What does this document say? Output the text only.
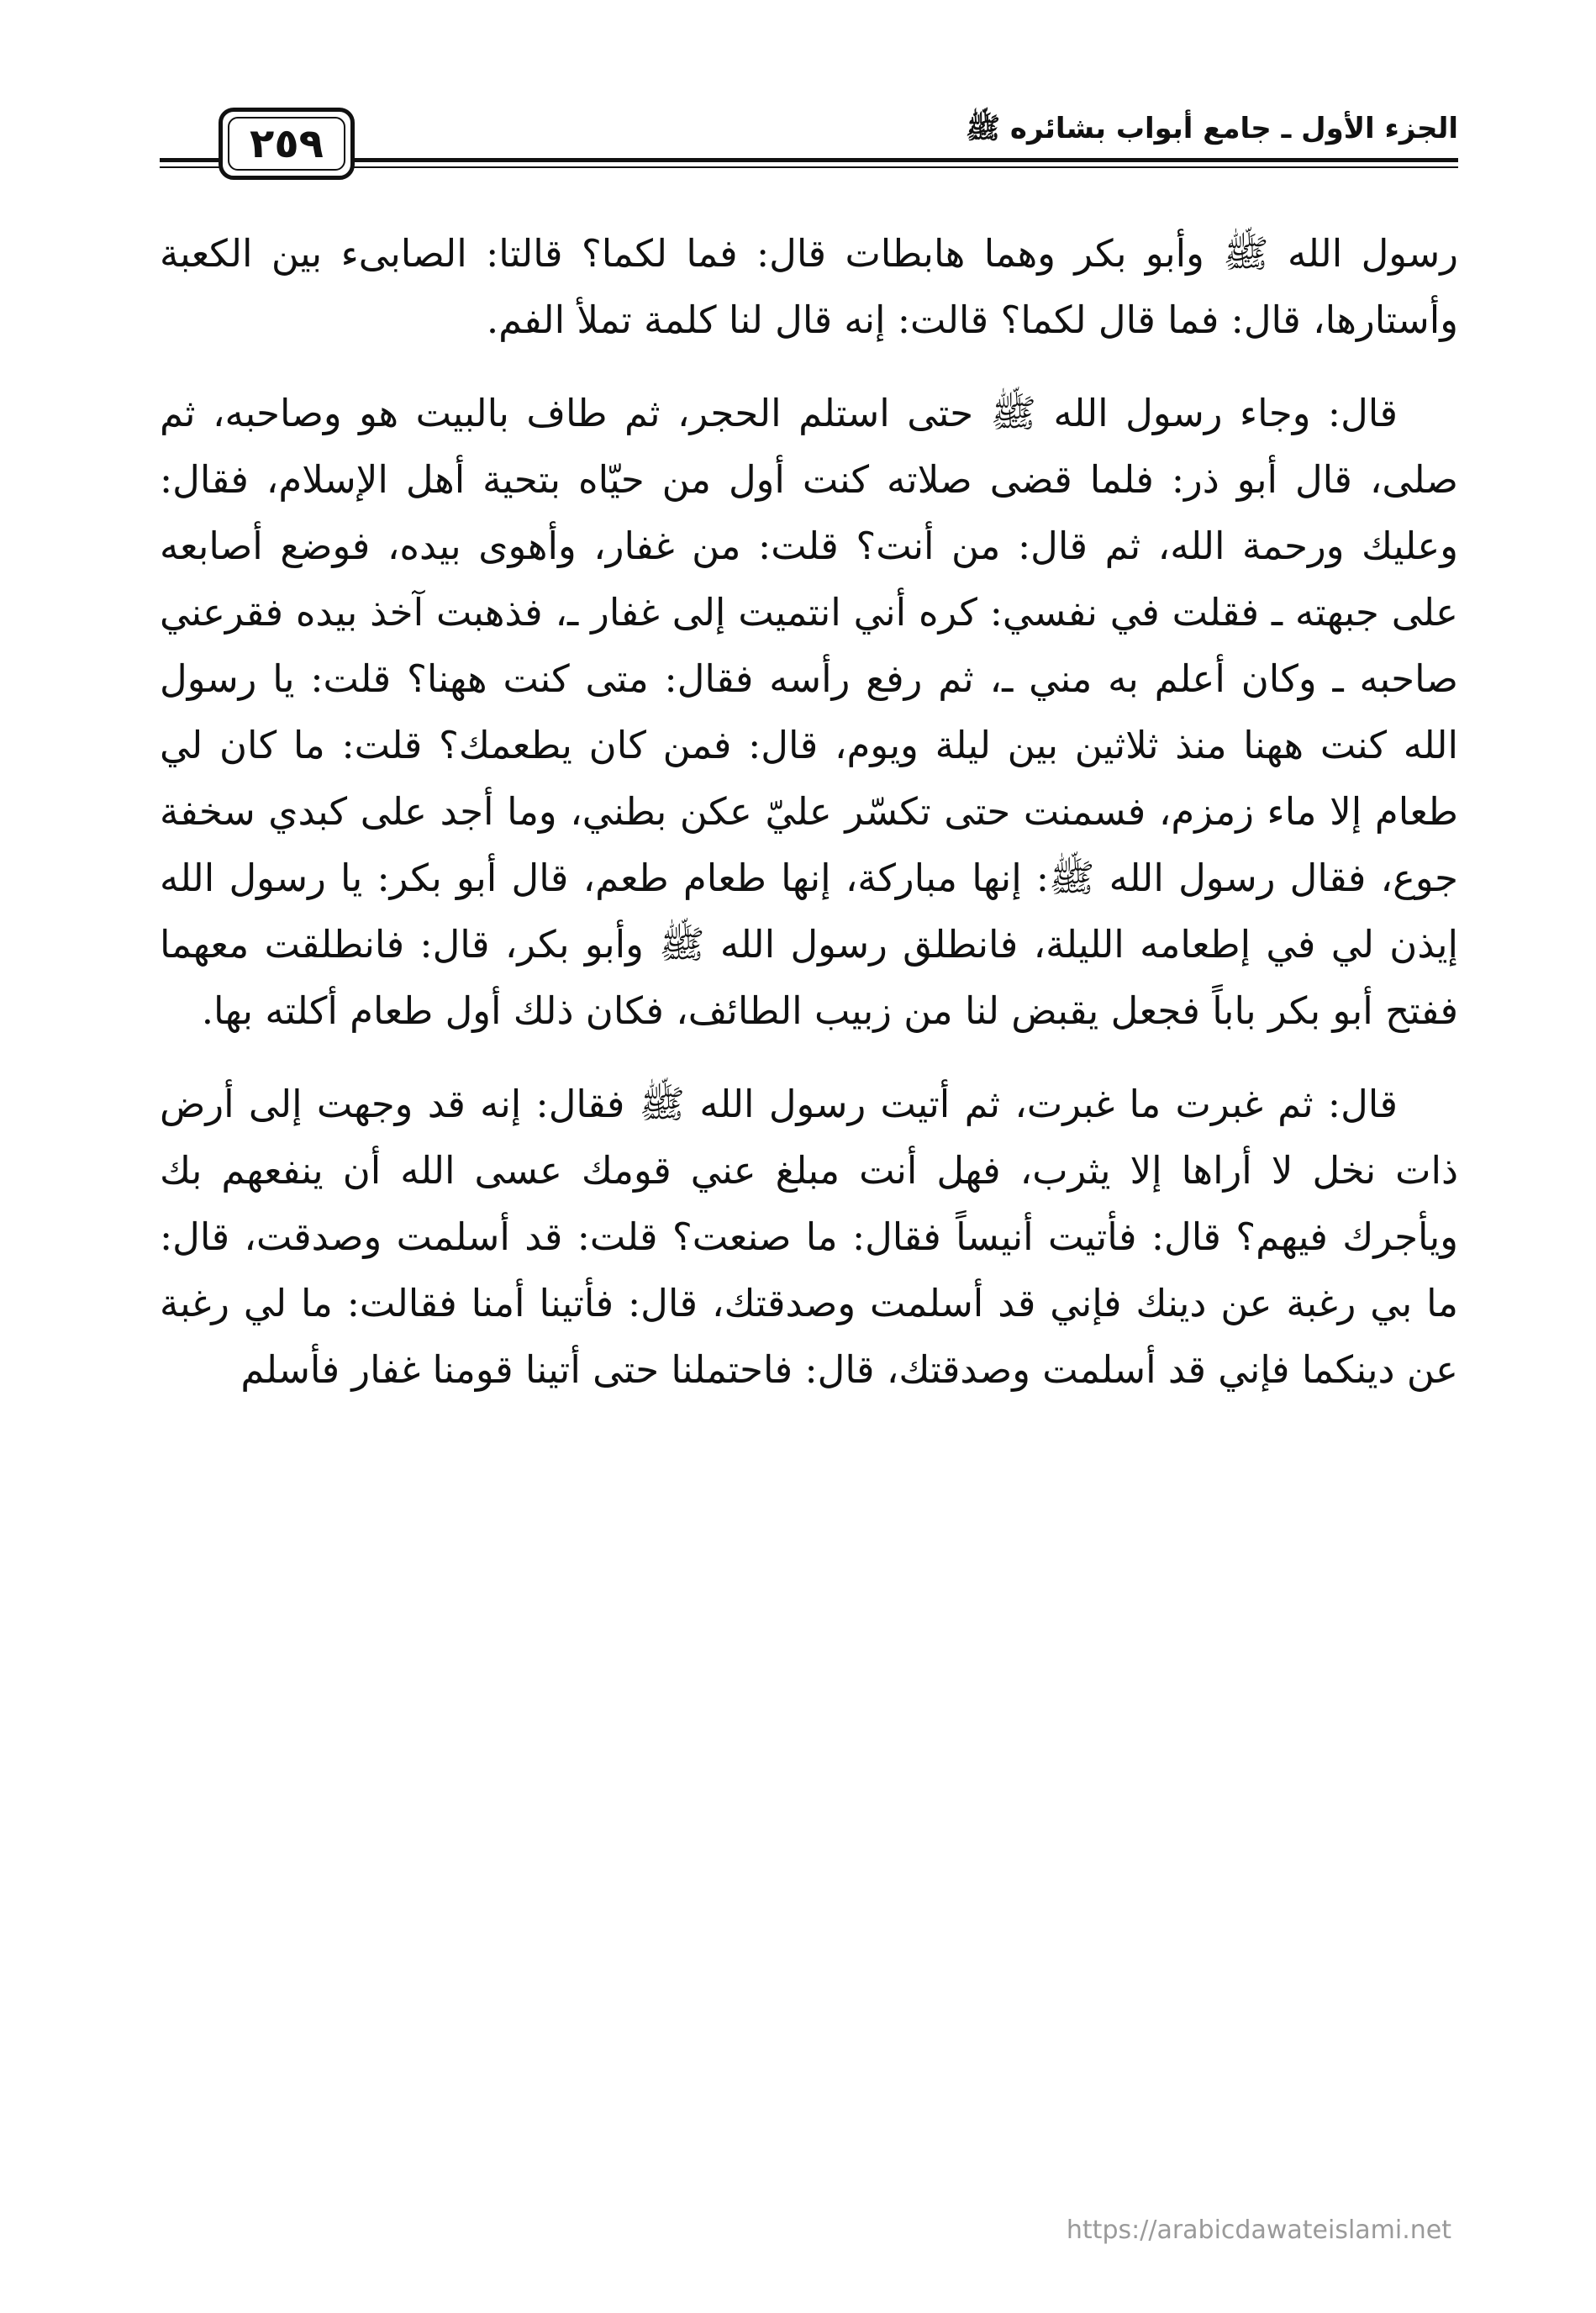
٢٥٩	الجزء الأول ـ جامع أبواب بشائره ﷺ

رسول الله ﷺ وأبو بكر وهما هابطات قال: فما لكما؟ قالتا: الصابىء بين الكعبة وأستارها، قال: فما قال لكما؟ قالت: إنه قال لنا كلمة تملأ الفم.

قال: وجاء رسول الله ﷺ حتى استلم الحجر، ثم طاف بالبيت هو وصاحبه، ثم صلى، قال أبو ذر: فلما قضى صلاته كنت أول من حيّاه بتحية أهل الإسلام، فقال: وعليك ورحمة الله، ثم قال: من أنت؟ قلت: من غفار، وأهوى بيده، فوضع أصابعه على جبهته ـ فقلت في نفسي: كره أني انتميت إلى غفار ـ، فذهبت آخذ بيده فقرعني صاحبه ـ وكان أعلم به مني ـ، ثم رفع رأسه فقال: متى كنت ههنا؟ قلت: يا رسول الله كنت ههنا منذ ثلاثين بين ليلة ويوم، قال: فمن كان يطعمك؟ قلت: ما كان لي طعام إلا ماء زمزم، فسمنت حتى تكسّر عليّ عكن بطني، وما أجد على كبدي سخفة جوع، فقال رسول الله ﷺ: إنها مباركة، إنها طعام طعم، قال أبو بكر: يا رسول الله إيذن لي في إطعامه الليلة، فانطلق رسول الله ﷺ وأبو بكر، قال: فانطلقت معهما ففتح أبو بكر باباً فجعل يقبض لنا من زبيب الطائف، فكان ذلك أول طعام أكلته بها.

قال: ثم غبرت ما غبرت، ثم أتيت رسول الله ﷺ فقال: إنه قد وجهت إلى أرض ذات نخل لا أراها إلا يثرب، فهل أنت مبلغ عني قومك عسى الله أن ينفعهم بك ويأجرك فيهم؟ قال: فأتيت أنيساً فقال: ما صنعت؟ قلت: قد أسلمت وصدقت، قال: ما بي رغبة عن دينك فإني قد أسلمت وصدقتك، قال: فأتينا أمنا فقالت: ما لي رغبة عن دينكما فإني قد أسلمت وصدقتك، قال: فاحتملنا حتى أتينا قومنا غفار فأسلم

https://arabicdawateislami.net
